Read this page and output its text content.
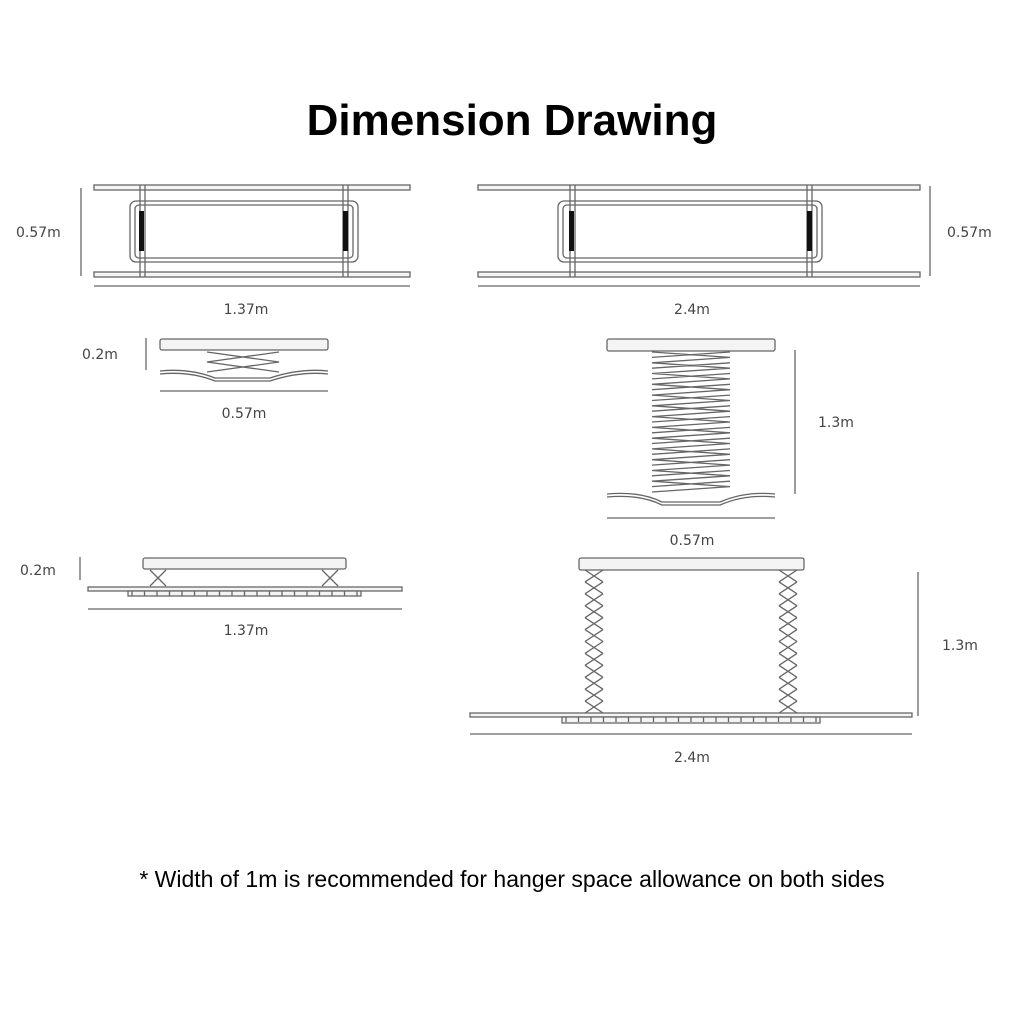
Dimension Drawing
0.57m
1.37m
0.57m
2.4m
0.2m
0.57m
1.3m
0.57m
0.2m
1.37m
1.3m
2.4m
* Width of 1m is recommended for hanger space allowance on both sides
